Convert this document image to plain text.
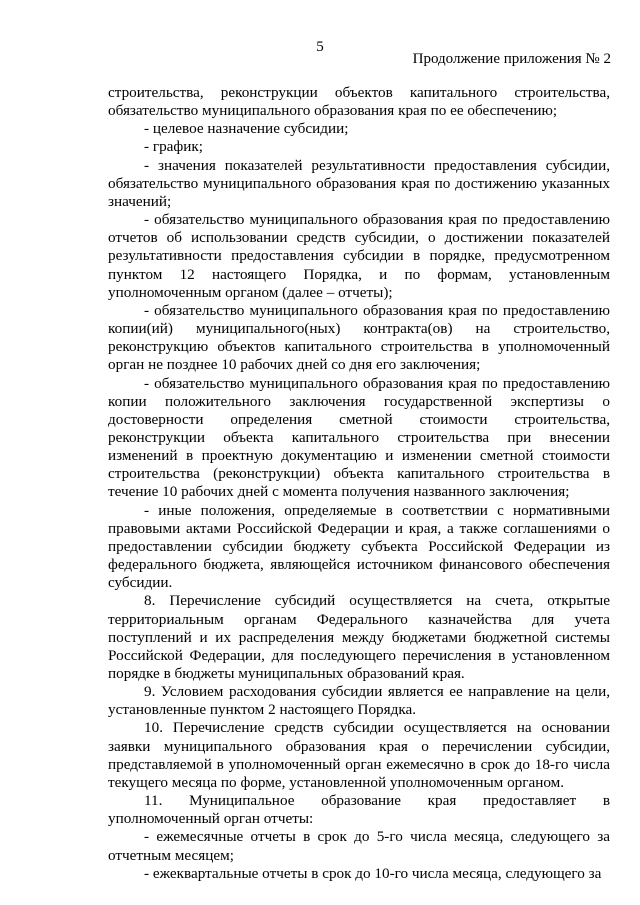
5
Продолжение приложения № 2

строительства, реконструкции объектов капитального строительства, обязательство муниципального образования края по ее обеспечению;

- целевое назначение субсидии;

- график;

- значения показателей результативности предоставления субсидии, обязательство муниципального образования края по достижению указанных значений;

- обязательство муниципального образования края по предоставлению отчетов об использовании средств субсидии, о достижении показателей результативности предоставления субсидии в порядке, предусмотренном пунктом 12 настоящего Порядка, и по формам, установленным уполномоченным органом (далее – отчеты);

- обязательство муниципального образования края по предоставлению копии(ий) муниципального(ных) контракта(ов) на строительство, реконструкцию объектов капитального строительства в уполномоченный орган не позднее 10 рабочих дней со дня его заключения;

- обязательство муниципального образования края по предоставлению копии положительного заключения государственной экспертизы о достоверности определения сметной стоимости строительства, реконструкции объекта капитального строительства при внесении изменений в проектную документацию и изменении сметной стоимости строительства (реконструкции) объекта капитального строительства в течение 10 рабочих дней с момента получения названного заключения;

- иные положения, определяемые в соответствии с нормативными правовыми актами Российской Федерации и края, а также соглашениями о предоставлении субсидии бюджету субъекта Российской Федерации из федерального бюджета, являющейся источником финансового обеспечения субсидии.

8. Перечисление субсидий осуществляется на счета, открытые территориальным органам Федерального казначейства для учета поступлений и их распределения между бюджетами бюджетной системы Российской Федерации, для последующего перечисления в установленном порядке в бюджеты муниципальных образований края.

9. Условием расходования субсидии является ее направление на цели, установленные пунктом 2 настоящего Порядка.

10. Перечисление средств субсидии осуществляется на основании заявки муниципального образования края о перечислении субсидии, представляемой в уполномоченный орган ежемесячно в срок до 18-го числа текущего месяца по форме, установленной уполномоченным органом.

11. Муниципальное образование края предоставляет в уполномоченный орган отчеты:

- ежемесячные отчеты в срок до 5-го числа месяца, следующего за отчетным месяцем;

- ежеквартальные отчеты в срок до 10-го числа месяца, следующего за
